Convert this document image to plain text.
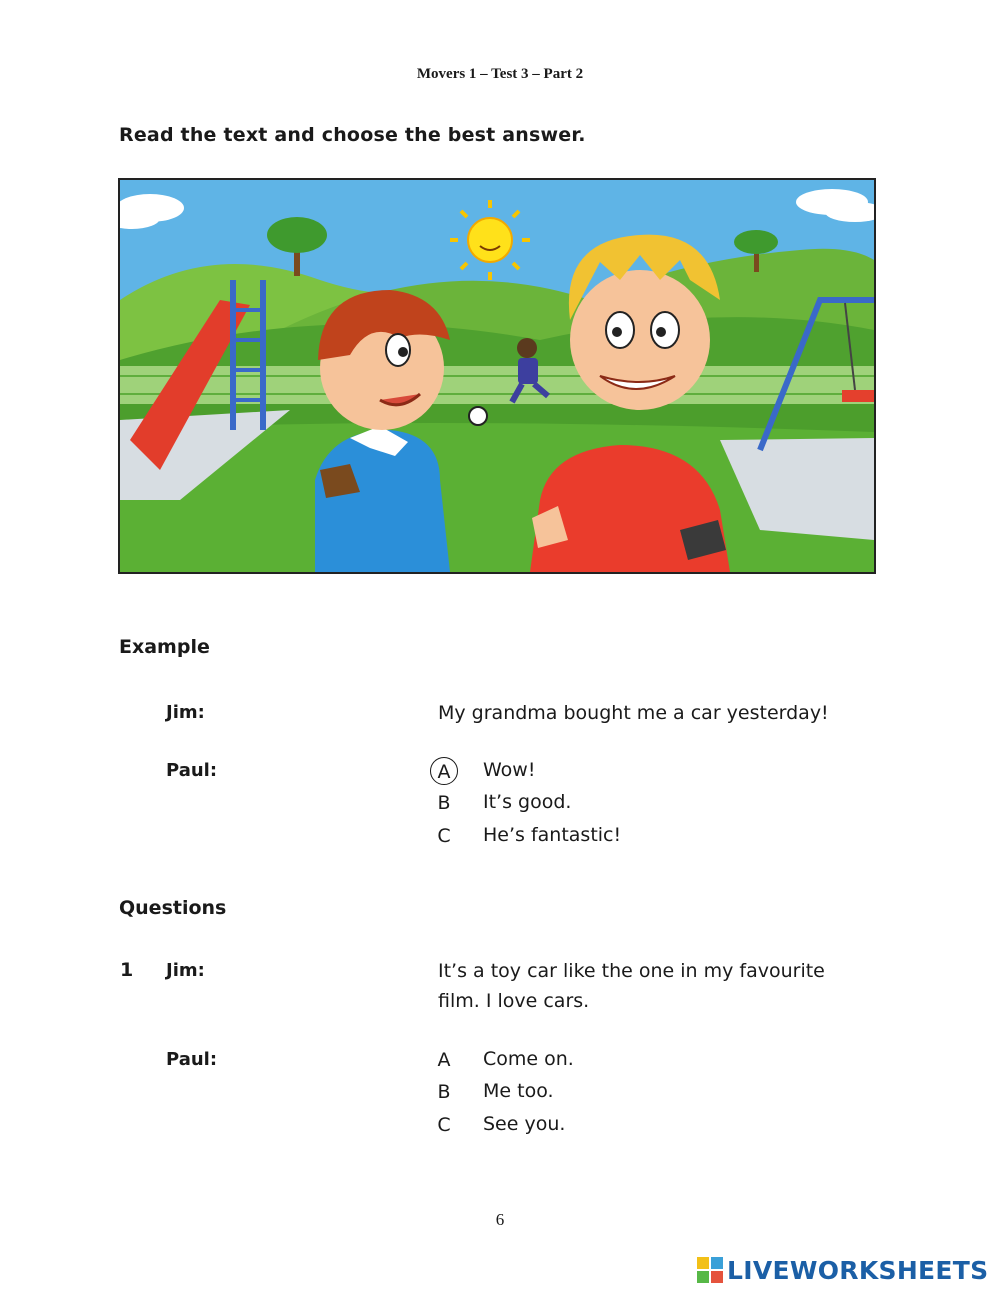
Movers 1 – Test 3 – Part 2
Read the text and choose the best answer.
Example
Jim:	My grandma bought me a car yesterday!
Paul:	A Wow!
B It’s good.
C He’s fantastic!
Questions
1 Jim:	It’s a toy car like the one in my favourite
film. I love cars.
Paul:	A Come on.
B Me too.
C See you.
6
LIVEWORKSHEETS
